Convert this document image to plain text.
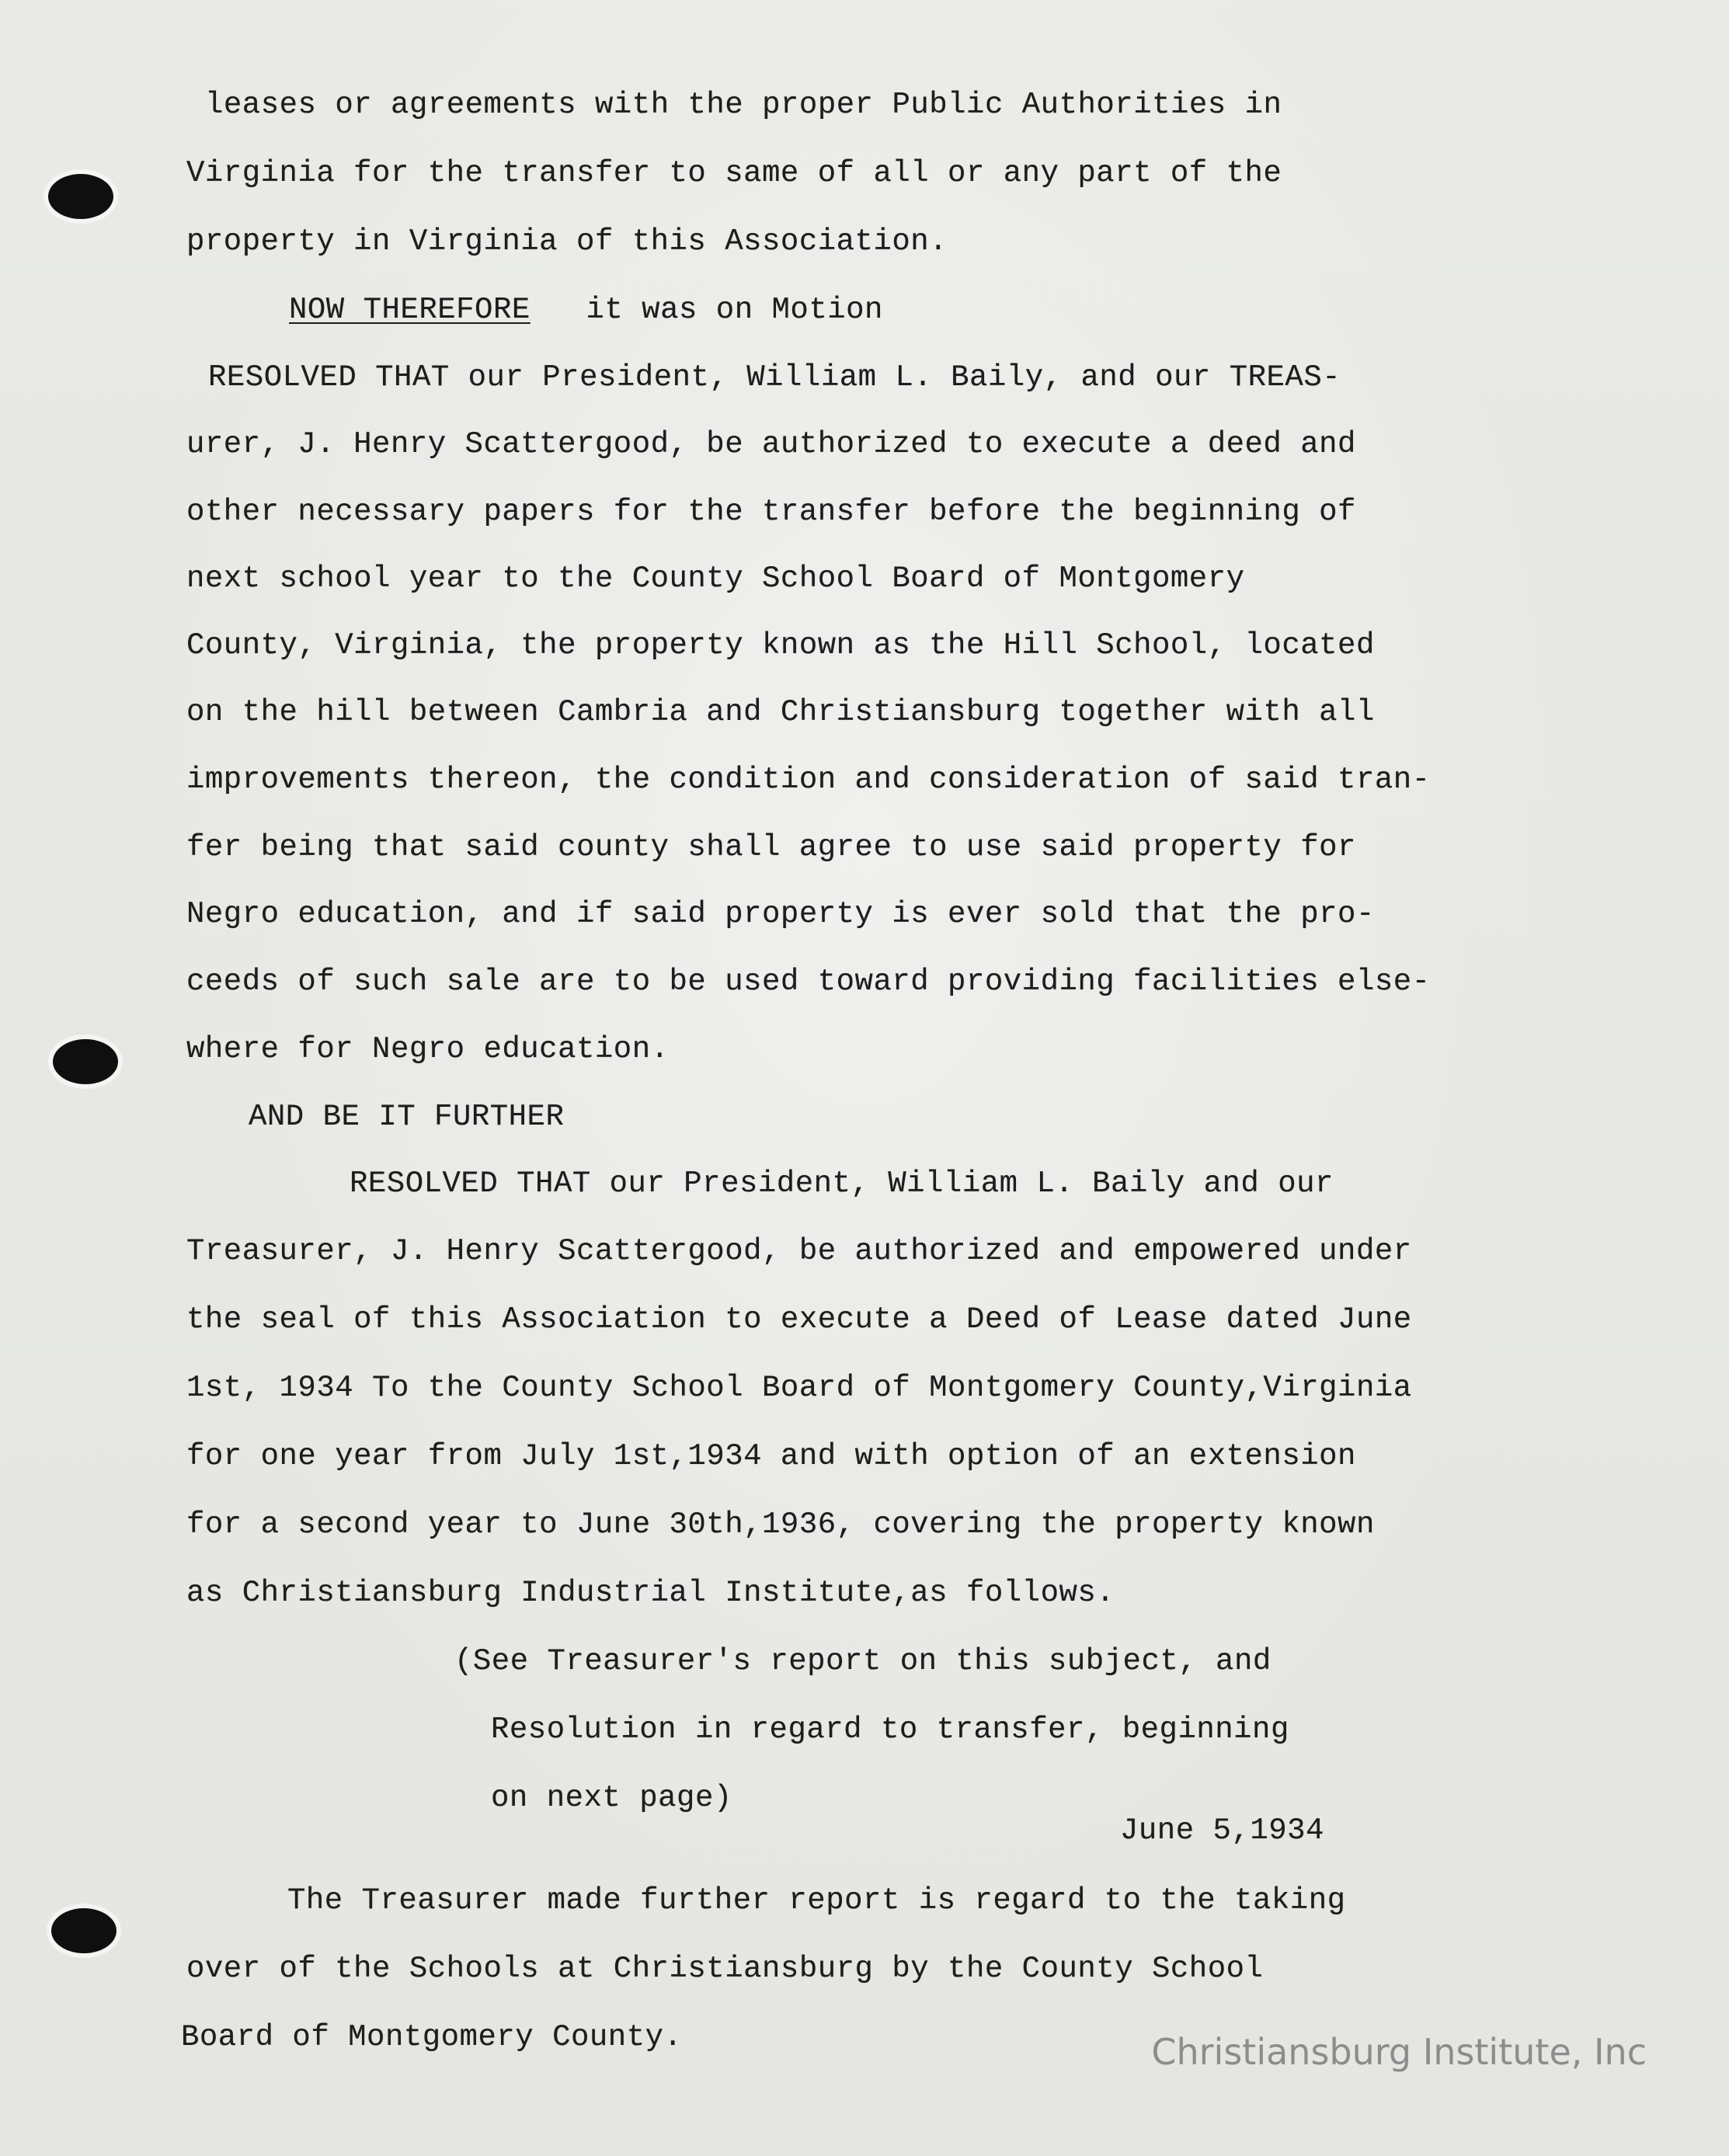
leases or agreements with the proper Public Authorities in
Virginia for the transfer to same of all or any part of the
property in Virginia of this Association.
NOW THEREFORE it was on Motion
RESOLVED THAT our President, William L. Baily, and our TREAS-
urer, J. Henry Scattergood, be authorized to execute a deed and
other necessary papers for the transfer before the beginning of
next school year to the County School Board of Montgomery
County, Virginia, the property known as the Hill School, located
on the hill between Cambria and Christiansburg together with all
improvements thereon, the condition and consideration of said tran-
fer being that said county shall agree to use said property for
Negro education, and if said property is ever sold that the pro-
ceeds of such sale are to be used toward providing facilities else-
where for Negro education.
AND BE IT FURTHER
RESOLVED THAT our President, William L. Baily and our
Treasurer, J. Henry Scattergood, be authorized and empowered under
the seal of this Association to execute a Deed of Lease dated June
1st, 1934 To the County School Board of Montgomery County,Virginia
for one year from July 1st,1934 and with option of an extension
for a second year to June 30th,1936, covering the property known
as Christiansburg Industrial Institute,as follows.
(See Treasurer's report on this subject, and
Resolution in regard to transfer, beginning
on next page)
June 5,1934
The Treasurer made further report is regard to the taking
over of the Schools at Christiansburg by the County School
Board of Montgomery County.	Christiansburg Institute, Inc
